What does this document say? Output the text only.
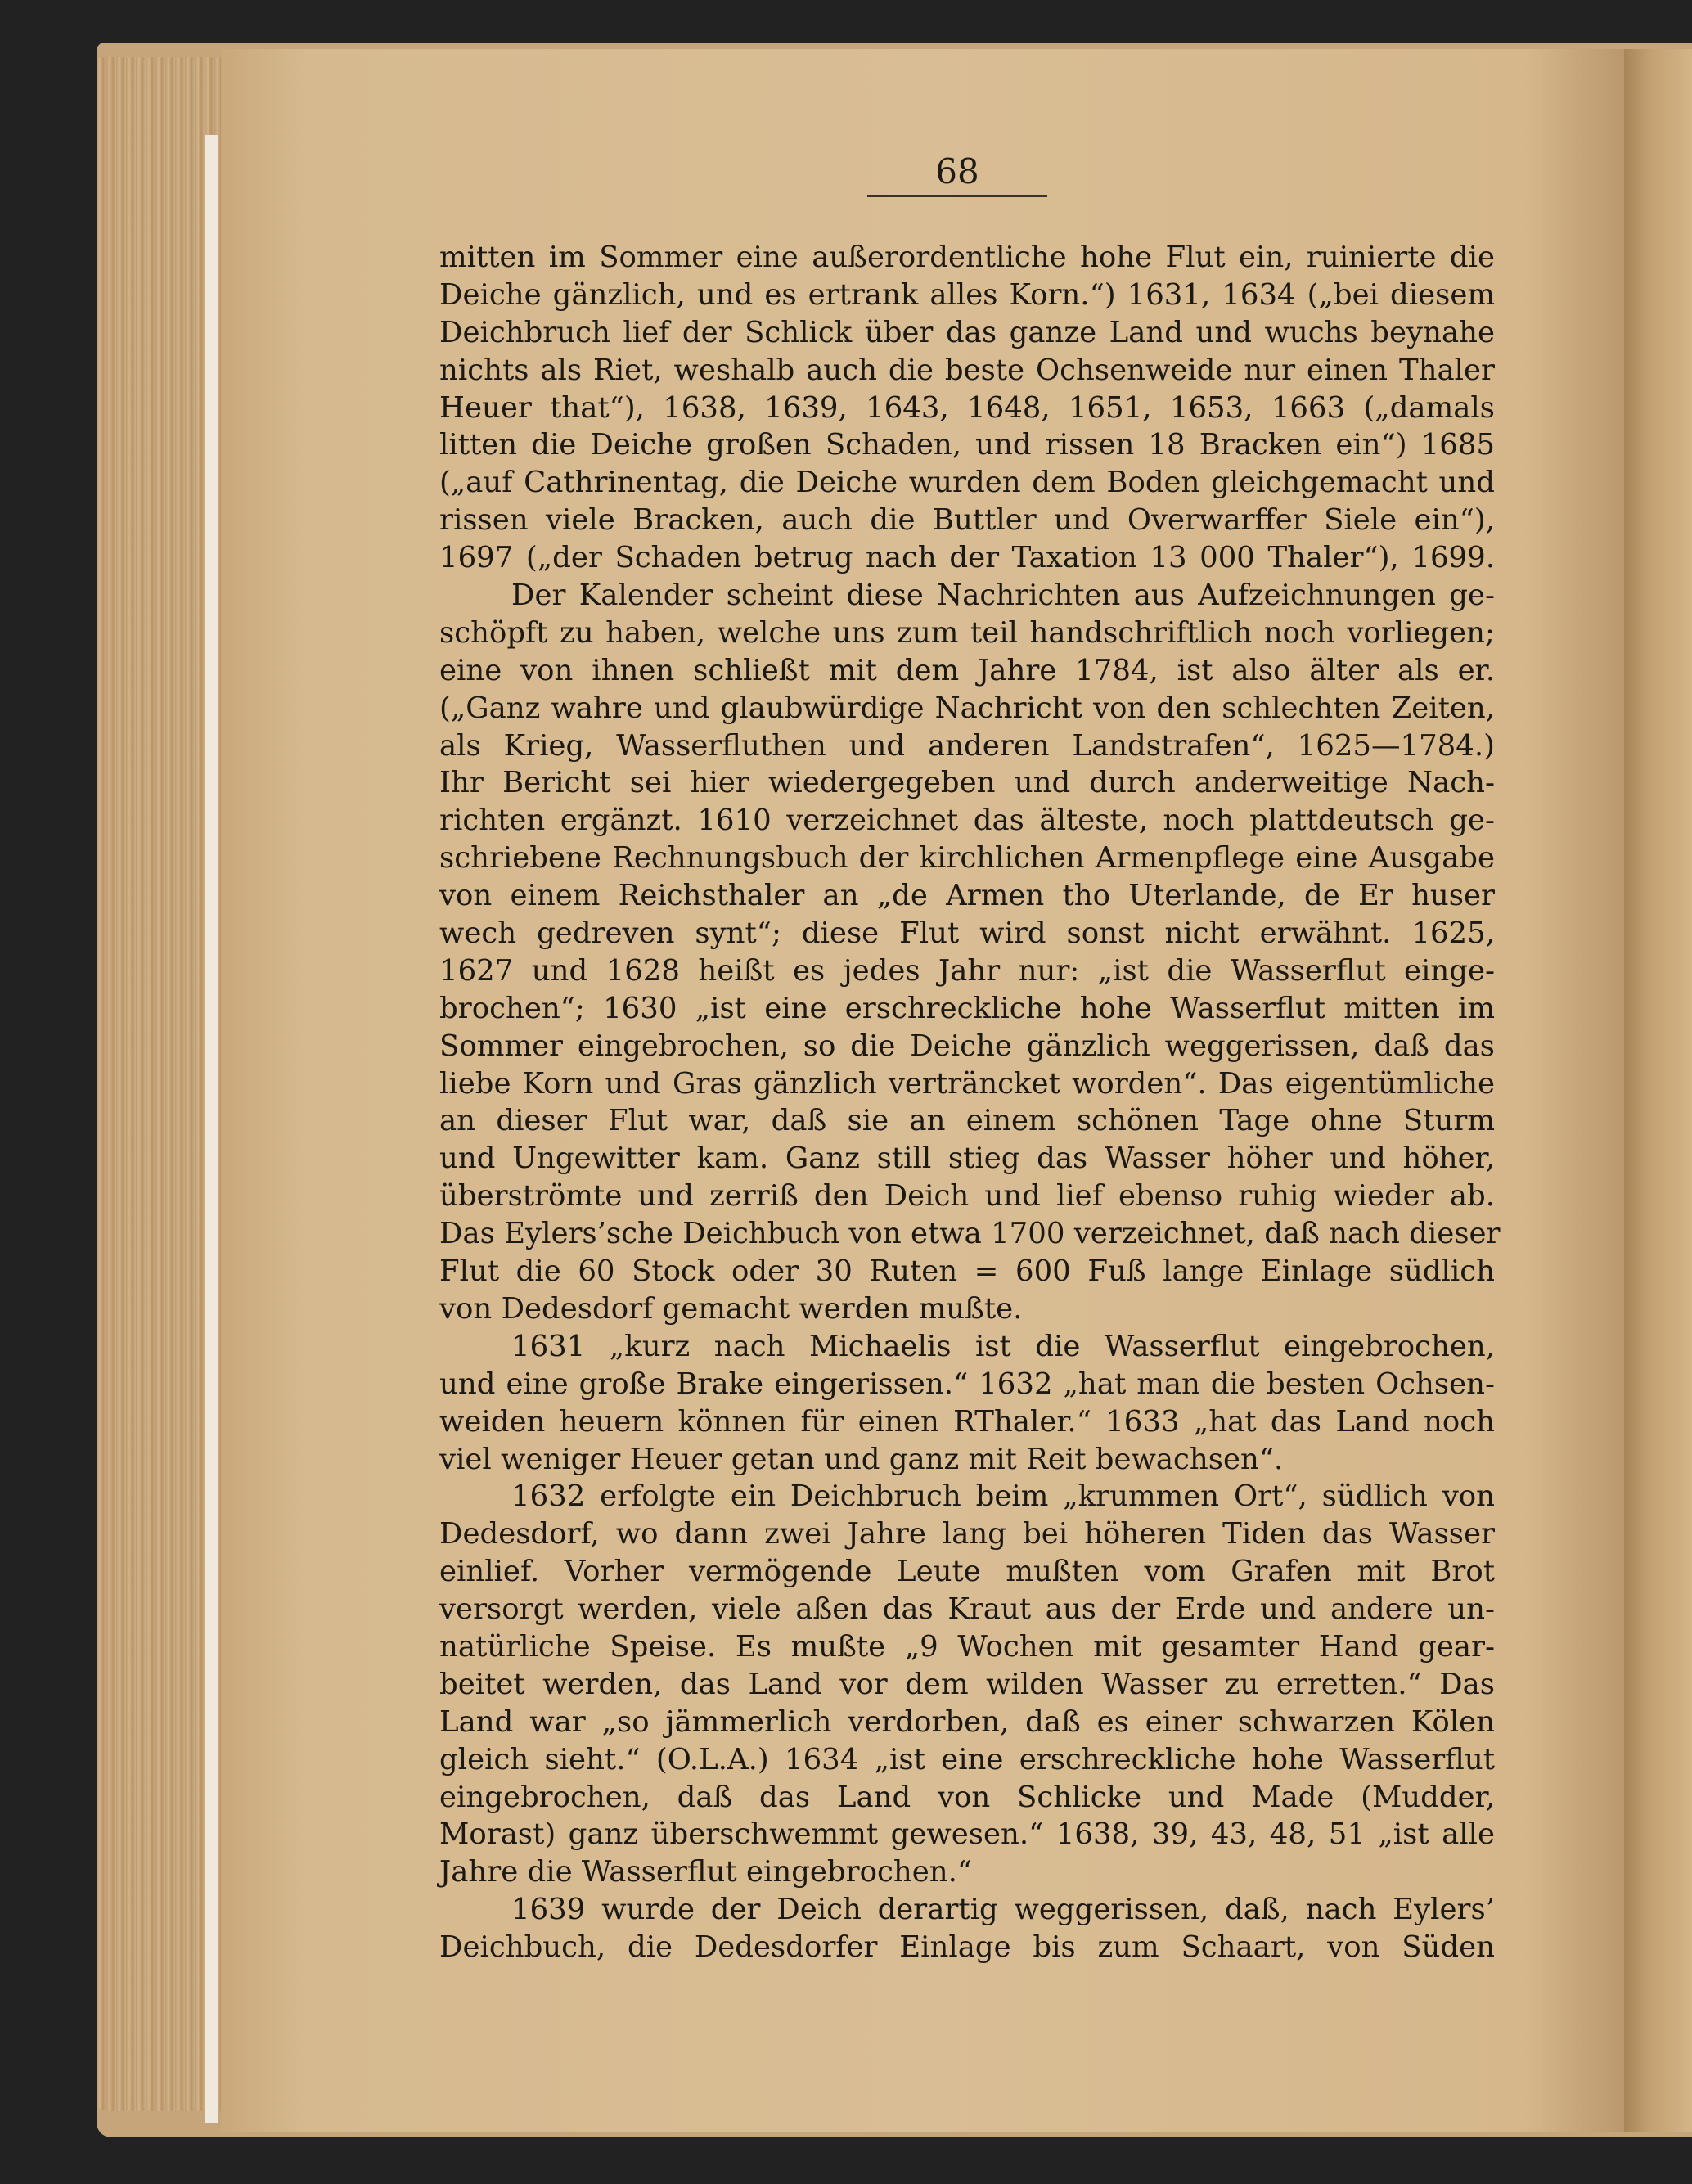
68
mitten im Sommer eine außerordentliche hohe Flut ein, ruinierte die
Deiche gänzlich, und es ertrank alles Korn.“) 1631, 1634 („bei diesem
Deichbruch lief der Schlick über das ganze Land und wuchs beynahe
nichts als Riet, weshalb auch die beste Ochsenweide nur einen Thaler
Heuer that“), 1638, 1639, 1643, 1648, 1651, 1653, 1663 („damals
litten die Deiche großen Schaden, und rissen 18 Bracken ein“) 1685
(„auf Cathrinentag, die Deiche wurden dem Boden gleichgemacht und
rissen viele Bracken, auch die Buttler und Overwarffer Siele ein“),
1697 („der Schaden betrug nach der Taxation 13 000 Thaler“), 1699.
Der Kalender scheint diese Nachrichten aus Aufzeichnungen ge-
schöpft zu haben, welche uns zum teil handschriftlich noch vorliegen;
eine von ihnen schließt mit dem Jahre 1784, ist also älter als er.
(„Ganz wahre und glaubwürdige Nachricht von den schlechten Zeiten,
als Krieg, Wasserfluthen und anderen Landstrafen“, 1625—1784.)
Ihr Bericht sei hier wiedergegeben und durch anderweitige Nach-
richten ergänzt. 1610 verzeichnet das älteste, noch plattdeutsch ge-
schriebene Rechnungsbuch der kirchlichen Armenpflege eine Ausgabe
von einem Reichsthaler an „de Armen tho Uterlande, de Er huser
wech gedreven synt“; diese Flut wird sonst nicht erwähnt. 1625,
1627 und 1628 heißt es jedes Jahr nur: „ist die Wasserflut einge-
brochen“; 1630 „ist eine erschreckliche hohe Wasserflut mitten im
Sommer eingebrochen, so die Deiche gänzlich weggerissen, daß das
liebe Korn und Gras gänzlich verträncket worden“. Das eigentümliche
an dieser Flut war, daß sie an einem schönen Tage ohne Sturm
und Ungewitter kam. Ganz still stieg das Wasser höher und höher,
überströmte und zerriß den Deich und lief ebenso ruhig wieder ab.
Das Eylers’sche Deichbuch von etwa 1700 verzeichnet, daß nach dieser
Flut die 60 Stock oder 30 Ruten = 600 Fuß lange Einlage südlich
von Dedesdorf gemacht werden mußte.
1631 „kurz nach Michaelis ist die Wasserflut eingebrochen,
und eine große Brake eingerissen.“ 1632 „hat man die besten Ochsen-
weiden heuern können für einen RThaler.“ 1633 „hat das Land noch
viel weniger Heuer getan und ganz mit Reit bewachsen“.
1632 erfolgte ein Deichbruch beim „krummen Ort“, südlich von
Dedesdorf, wo dann zwei Jahre lang bei höheren Tiden das Wasser
einlief. Vorher vermögende Leute mußten vom Grafen mit Brot
versorgt werden, viele aßen das Kraut aus der Erde und andere un-
natürliche Speise. Es mußte „9 Wochen mit gesamter Hand gear-
beitet werden, das Land vor dem wilden Wasser zu erretten.“ Das
Land war „so jämmerlich verdorben, daß es einer schwarzen Kölen
gleich sieht.“ (O.L.A.) 1634 „ist eine erschreckliche hohe Wasserflut
eingebrochen, daß das Land von Schlicke und Made (Mudder,
Morast) ganz überschwemmt gewesen.“ 1638, 39, 43, 48, 51 „ist alle
Jahre die Wasserflut eingebrochen.“
1639 wurde der Deich derartig weggerissen, daß, nach Eylers’
Deichbuch, die Dedesdorfer Einlage bis zum Schaart, von Süden
